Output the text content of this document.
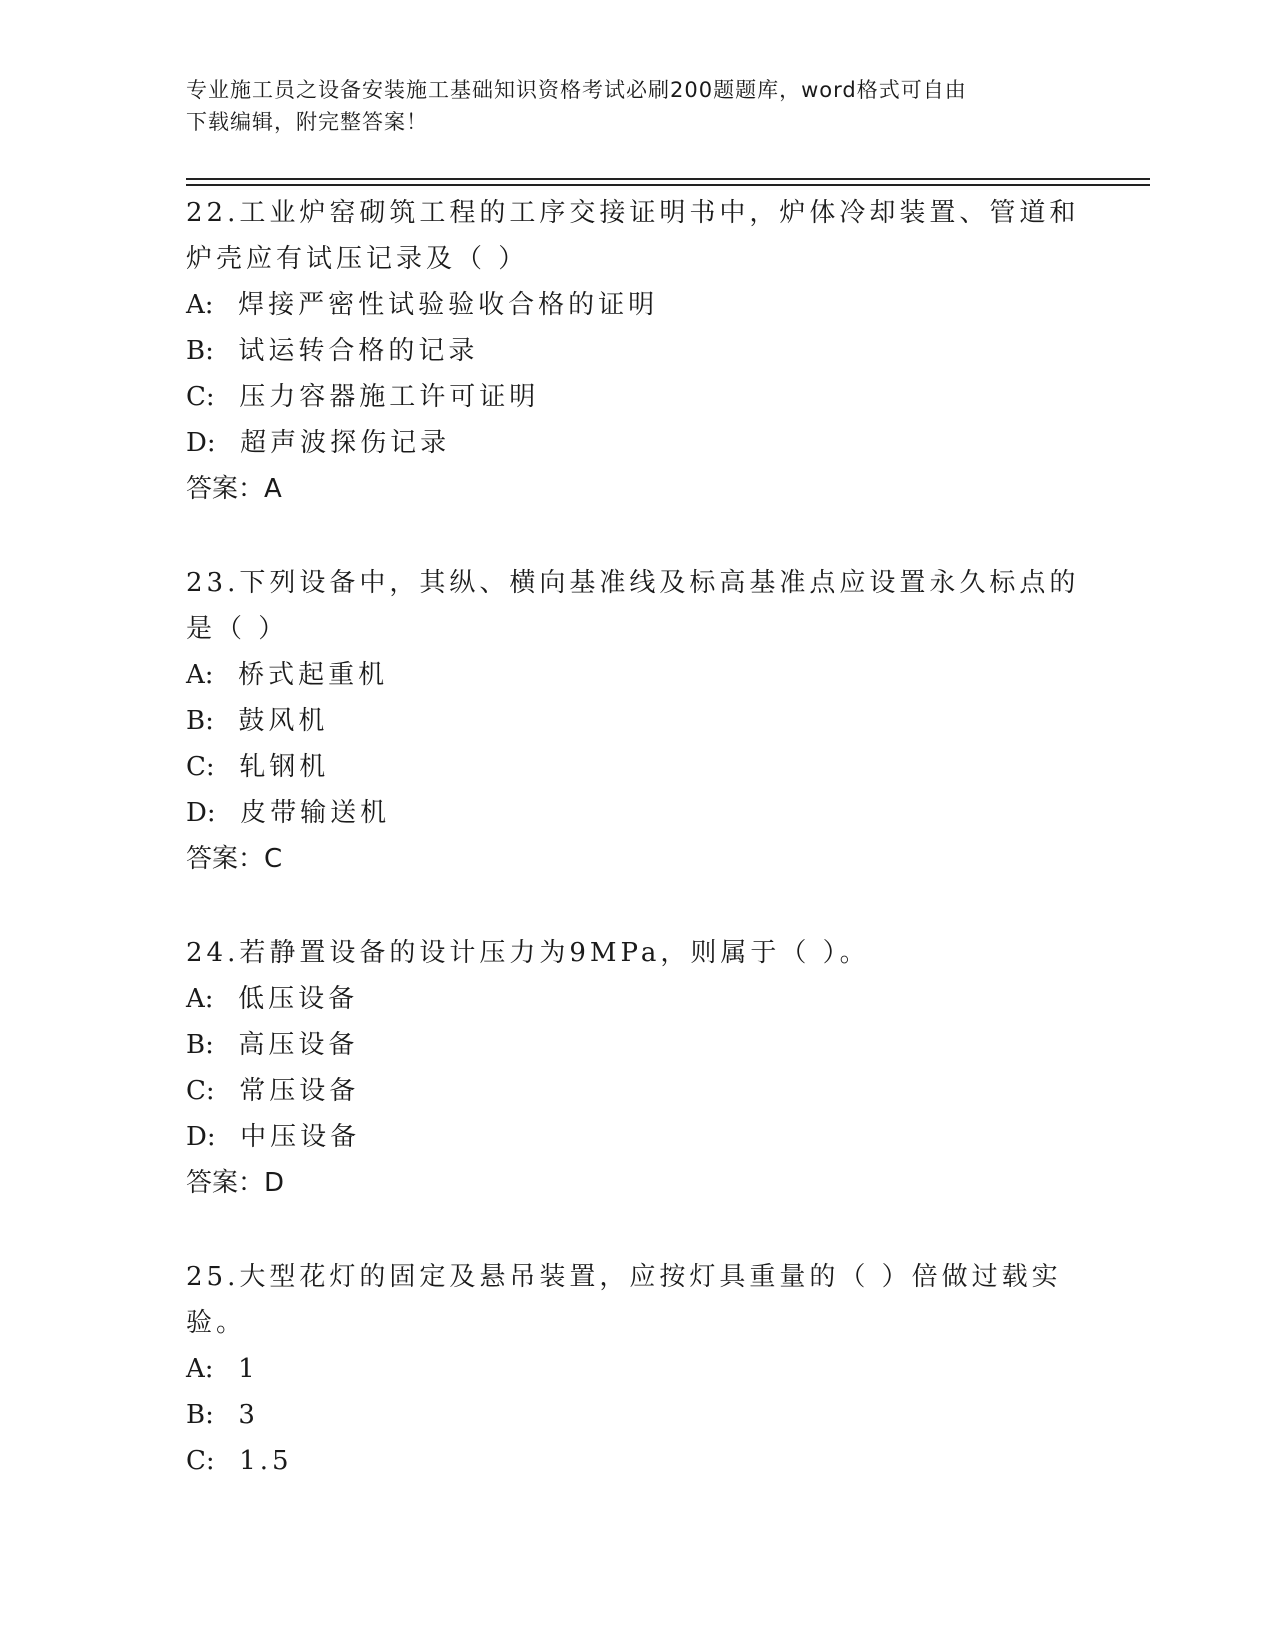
专业施工员之设备安装施工基础知识资格考试必刷200题题库，word格式可自由
下载编辑，附完整答案！

22.工业炉窑砌筑工程的工序交接证明书中，炉体冷却装置、管道和炉壳应有试压记录及（ ）

A: 焊接严密性试验验收合格的证明

B: 试运转合格的记录

C: 压力容器施工许可证明

D: 超声波探伤记录

答案：A

23.下列设备中，其纵、横向基准线及标高基准点应设置永久标点的是（ ）

A: 桥式起重机

B: 鼓风机

C: 轧钢机

D: 皮带输送机

答案：C

24.若静置设备的设计压力为9MPa，则属于（ ）。

A: 低压设备

B: 高压设备

C: 常压设备

D: 中压设备

答案：D

25.大型花灯的固定及悬吊装置，应按灯具重量的（ ）倍做过载实验。

A: 1

B: 3

C: 1.5
